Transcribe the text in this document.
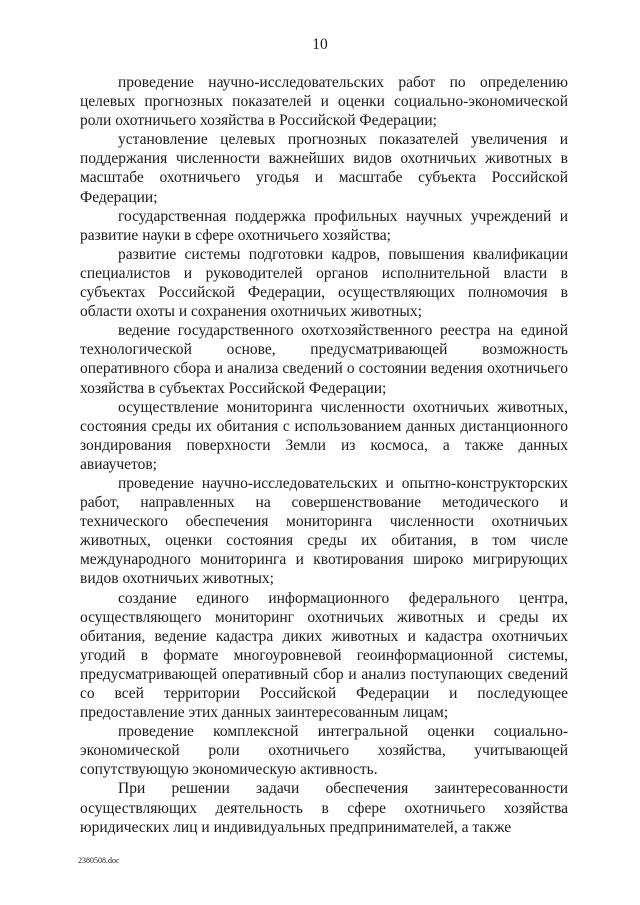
10

проведение научно-исследовательских работ по определению целевых прогнозных показателей и оценки социально-экономической роли охотничьего хозяйства в Российской Федерации;

установление целевых прогнозных показателей увеличения и поддержания численности важнейших видов охотничьих животных в масштабе охотничьего угодья и масштабе субъекта Российской Федерации;

государственная поддержка профильных научных учреждений и развитие науки в сфере охотничьего хозяйства;

развитие системы подготовки кадров, повышения квалификации специалистов и руководителей органов исполнительной власти в субъектах Российской Федерации, осуществляющих полномочия в области охоты и сохранения охотничьих животных;

ведение государственного охотхозяйственного реестра на единой технологической основе, предусматривающей возможность оперативного сбора и анализа сведений о состоянии ведения охотничьего хозяйства в субъектах Российской Федерации;

осуществление мониторинга численности охотничьих животных, состояния среды их обитания с использованием данных дистанционного зондирования поверхности Земли из космоса, а также данных авиаучетов;

проведение научно-исследовательских и опытно-конструкторских работ, направленных на совершенствование методического и технического обеспечения мониторинга численности охотничьих животных, оценки состояния среды их обитания, в том числе международного мониторинга и квотирования широко мигрирующих видов охотничьих животных;

создание единого информационного федерального центра, осуществляющего мониторинг охотничьих животных и среды их обитания, ведение кадастра диких животных и кадастра охотничьих угодий в формате многоуровневой геоинформационной системы, предусматривающей оперативный сбор и анализ поступающих сведений со всей территории Российской Федерации и последующее предоставление этих данных заинтересованным лицам;

проведение комплексной интегральной оценки социально-экономической роли охотничьего хозяйства, учитывающей сопутствующую экономическую активность.

При решении задачи обеспечения заинтересованности осуществляющих деятельность в сфере охотничьего хозяйства юридических лиц и индивидуальных предпринимателей, а также

2380508.doc
